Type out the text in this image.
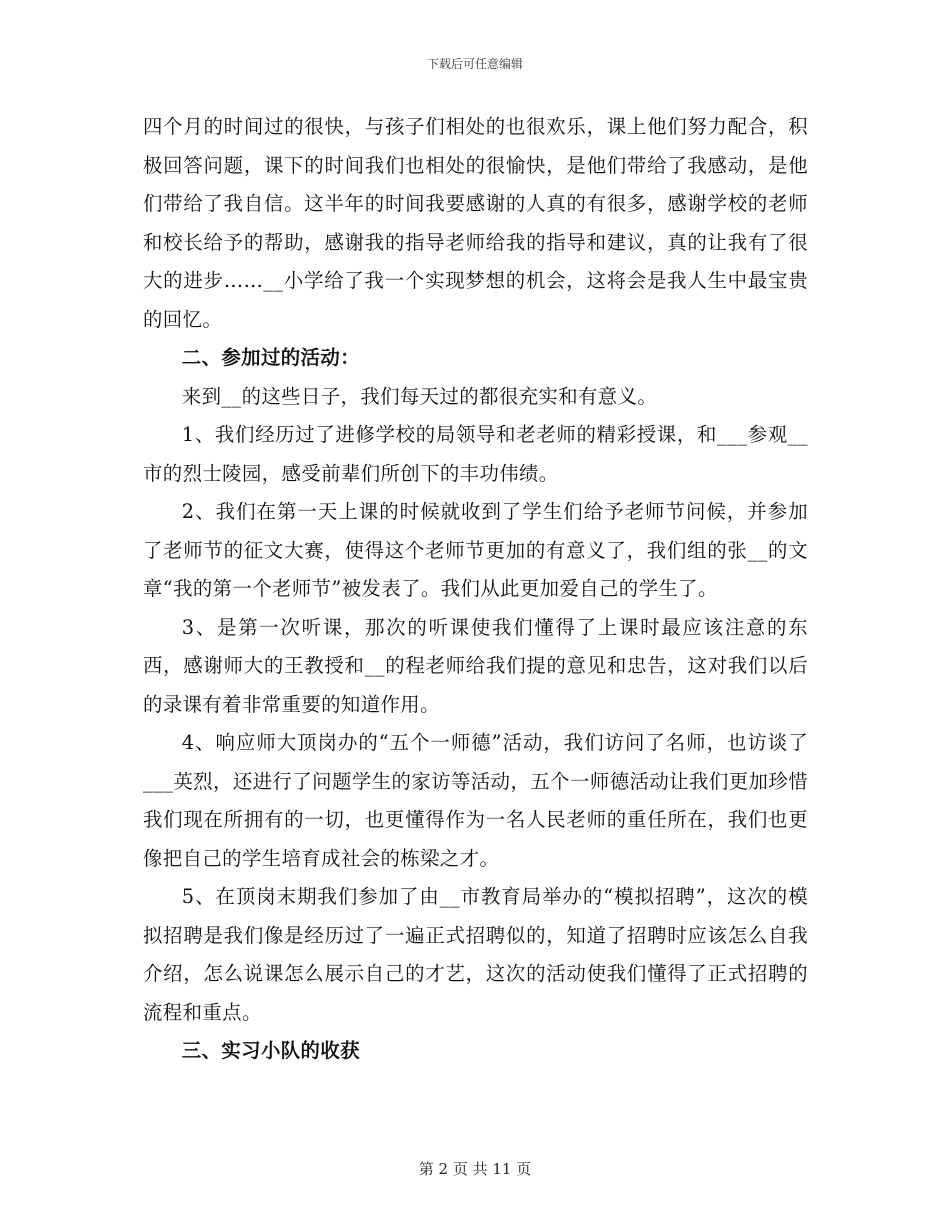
下载后可任意编辑

四个月的时间过的很快，与孩子们相处的也很欢乐，课上他们努力配合，积极回答问题，课下的时间我们也相处的很愉快，是他们带给了我感动，是他们带给了我自信。这半年的时间我要感谢的人真的有很多，感谢学校的老师和校长给予的帮助，感谢我的指导老师给我的指导和建议，真的让我有了很大的进步……__小学给了我一个实现梦想的机会，这将会是我人生中最宝贵的回忆。

二、参加过的活动：

来到__的这些日子，我们每天过的都很充实和有意义。

1、我们经历过了进修学校的局领导和老老师的精彩授课，和___参观__市的烈士陵园，感受前辈们所创下的丰功伟绩。

2、我们在第一天上课的时候就收到了学生们给予老师节问候，并参加了老师节的征文大赛，使得这个老师节更加的有意义了，我们组的张__的文章“我的第一个老师节”被发表了。我们从此更加爱自己的学生了。

3、是第一次听课，那次的听课使我们懂得了上课时最应该注意的东西，感谢师大的王教授和__的程老师给我们提的意见和忠告，这对我们以后的录课有着非常重要的知道作用。

4、响应师大顶岗办的“五个一师德”活动，我们访问了名师，也访谈了___英烈，还进行了问题学生的家访等活动，五个一师德活动让我们更加珍惜我们现在所拥有的一切，也更懂得作为一名人民老师的重任所在，我们也更像把自己的学生培育成社会的栋梁之才。

5、在顶岗末期我们参加了由__市教育局举办的“模拟招聘”，这次的模拟招聘是我们像是经历过了一遍正式招聘似的，知道了招聘时应该怎么自我介绍，怎么说课怎么展示自己的才艺，这次的活动使我们懂得了正式招聘的流程和重点。

三、实习小队的收获

第 2 页 共 11 页
